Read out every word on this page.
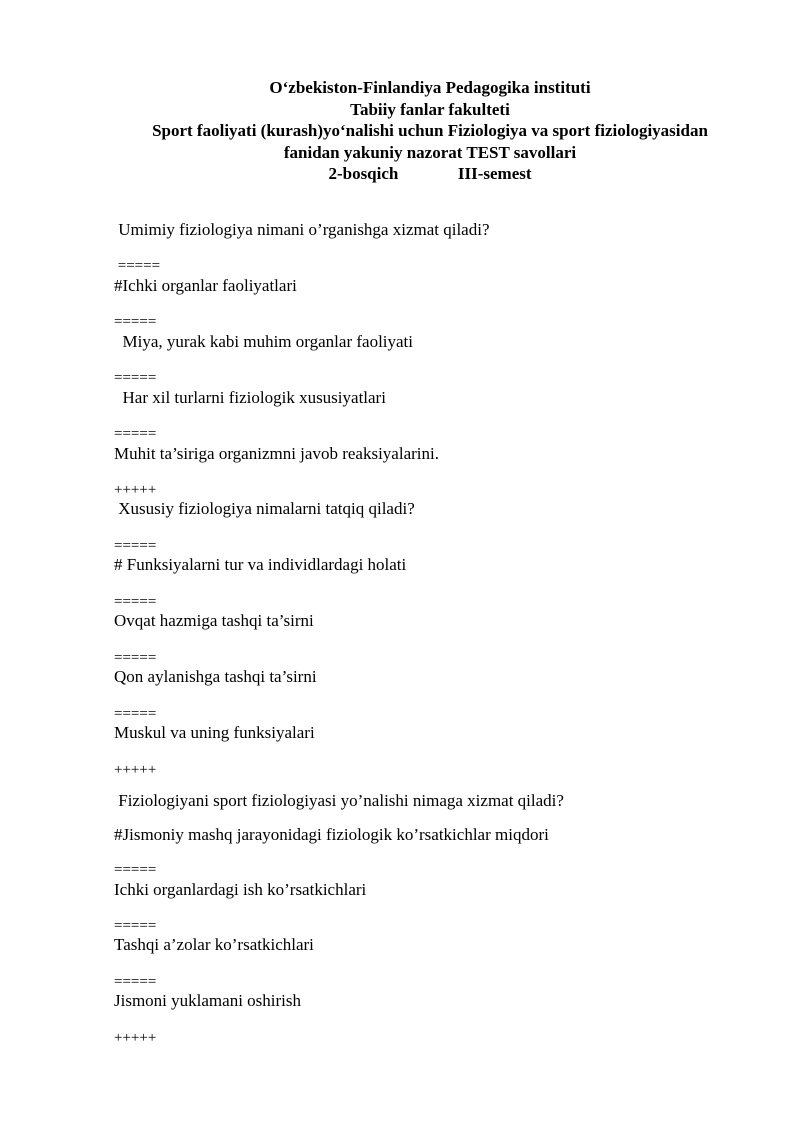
O‘zbekiston-Finlandiya Pedagogika instituti
Tabiiy fanlar fakulteti
Sport faoliyati (kurash)yo‘nalishi uchun Fiziologiya va sport fiziologiyasidan
fanidan yakuniy nazorat TEST savollari
2-bosqich	III-semest
Umimiy fiziologiya nimani o’rganishga xizmat qiladi?
=====
#Ichki organlar faoliyatlari
=====
Miya, yurak kabi muhim organlar faoliyati
=====
Har xil turlarni fiziologik xususiyatlari
=====
Muhit ta’siriga organizmni javob reaksiyalarini.
+++++
Xususiy fiziologiya nimalarni tatqiq qiladi?
=====
# Funksiyalarni tur va individlardagi holati
=====
Ovqat hazmiga tashqi ta’sirni
=====
Qon aylanishga tashqi ta’sirni
=====
Muskul va uning funksiyalari
+++++
Fiziologiyani sport fiziologiyasi yo’nalishi nimaga xizmat qiladi?
#Jismoniy mashq jarayonidagi fiziologik ko’rsatkichlar miqdori
=====
Ichki organlardagi ish ko’rsatkichlari
=====
Tashqi a’zolar ko’rsatkichlari
=====
Jismoni yuklamani oshirish
+++++
